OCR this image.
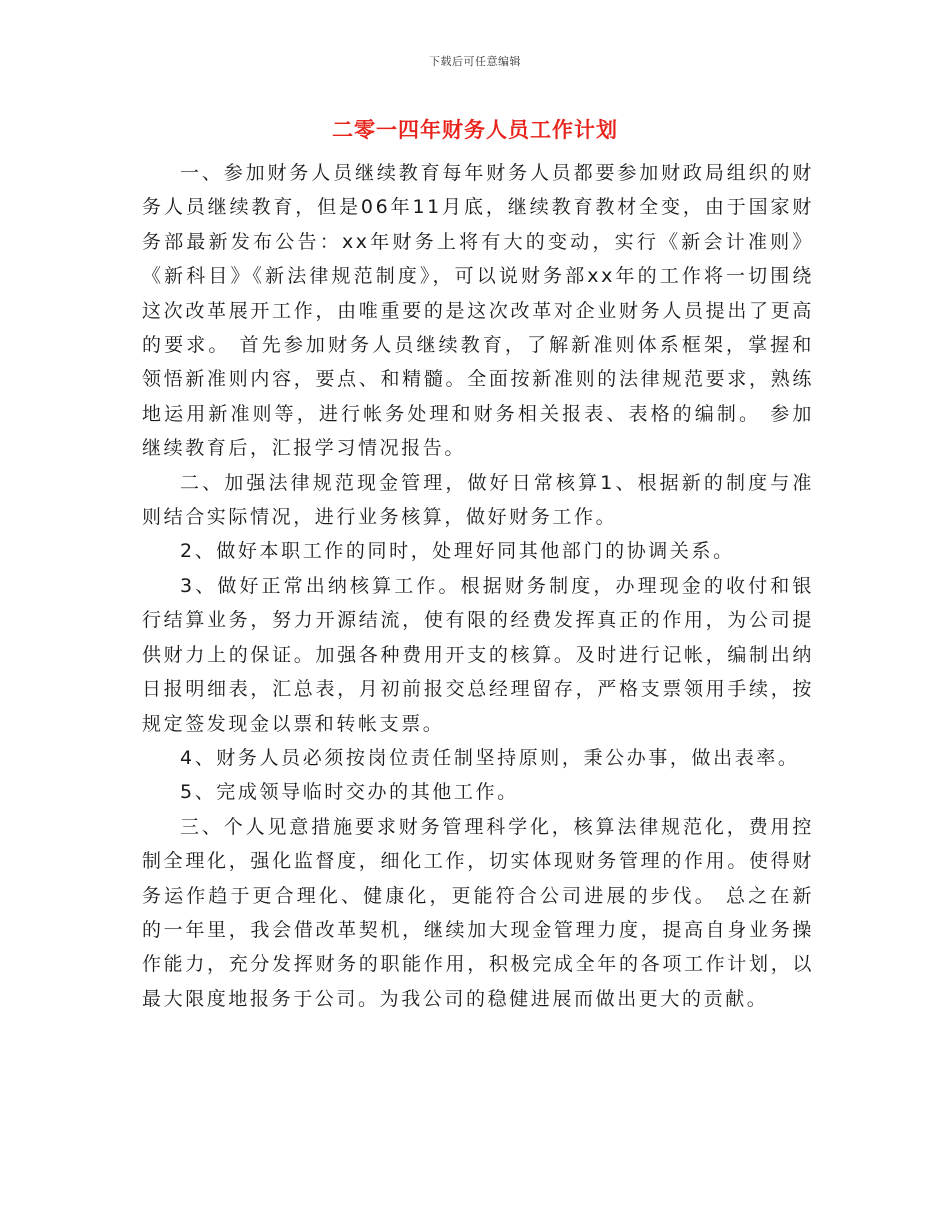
下载后可任意编辑
二零一四年财务人员工作计划

一、参加财务人员继续教育每年财务人员都要参加财政局组织的财务人员继续教育，但是06年11月底，继续教育教材全变，由于国家财务部最新发布公告：xx年财务上将有大的变动，实行《新会计准则》《新科目》《新法律规范制度》，可以说财务部xx年的工作将一切围绕这次改革展开工作，由唯重要的是这次改革对企业财务人员提出了更高的要求。 首先参加财务人员继续教育，了解新准则体系框架，掌握和领悟新准则内容，要点、和精髓。全面按新准则的法律规范要求，熟练地运用新准则等，进行帐务处理和财务相关报表、表格的编制。 参加继续教育后，汇报学习情况报告。

二、加强法律规范现金管理，做好日常核算1、根据新的制度与准则结合实际情况，进行业务核算，做好财务工作。

2、做好本职工作的同时，处理好同其他部门的协调关系。

3、做好正常出纳核算工作。根据财务制度，办理现金的收付和银行结算业务，努力开源结流，使有限的经费发挥真正的作用，为公司提供财力上的保证。加强各种费用开支的核算。及时进行记帐，编制出纳日报明细表，汇总表，月初前报交总经理留存，严格支票领用手续，按规定签发现金以票和转帐支票。

4、财务人员必须按岗位责任制坚持原则，秉公办事，做出表率。

5、完成领导临时交办的其他工作。

三、个人见意措施要求财务管理科学化，核算法律规范化，费用控制全理化，强化监督度，细化工作，切实体现财务管理的作用。使得财务运作趋于更合理化、健康化，更能符合公司进展的步伐。 总之在新的一年里，我会借改革契机，继续加大现金管理力度，提高自身业务操作能力，充分发挥财务的职能作用，积极完成全年的各项工作计划，以最大限度地报务于公司。为我公司的稳健进展而做出更大的贡献。
